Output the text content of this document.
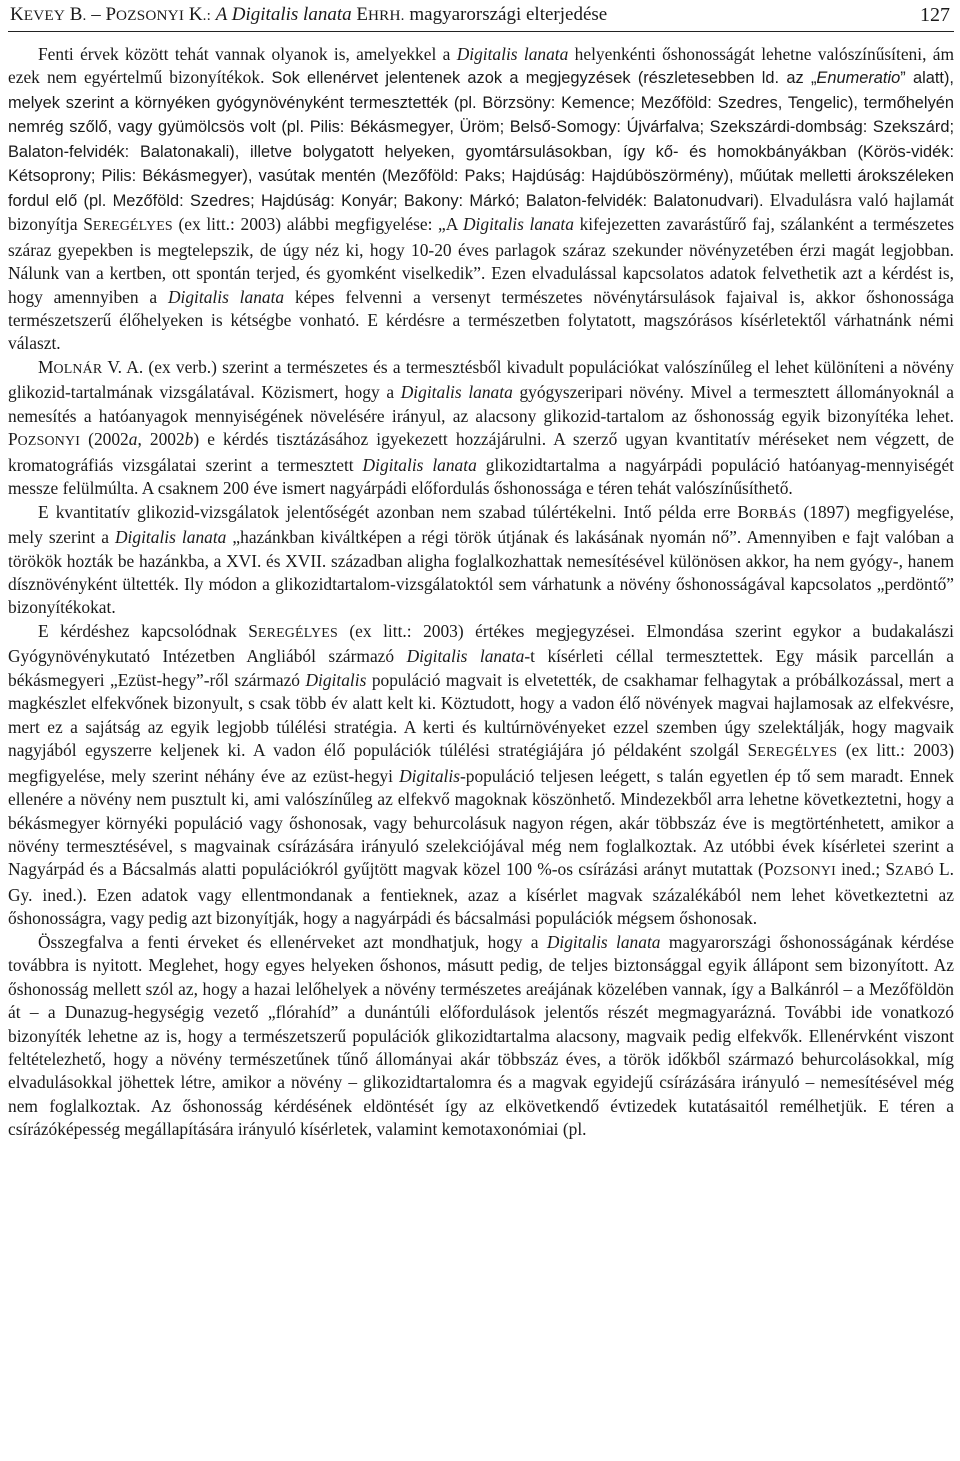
KEVEY B. – POZSONYI K.: A Digitalis lanata EHRH. magyarországi elterjedése	127

Fenti érvek között tehát vannak olyanok is, amelyekkel a Digitalis lanata helyenkénti őshonosságát lehetne valószínűsíteni, ám ezek nem egyértelmű bizonyítékok. Sok ellenérvet jelentenek azok a megjegyzések (részletesebben ld. az „Enumeratio” alatt), melyek szerint a környéken gyógynövényként termesztették (pl. Börzsöny: Kemence; Mezőföld: Szedres, Tengelic), termőhelyén nemrég szőlő, vagy gyümölcsös volt (pl. Pilis: Békásmegyer, Üröm; Belső-Somogy: Újvárfalva; Szekszárdi-dombság: Szekszárd; Balaton-felvidék: Balatonakali), illetve bolygatott helyeken, gyomtársulásokban, így kő- és homokbányákban (Körös-vidék: Kétsoprony; Pilis: Békásmegyer), vasútak mentén (Mezőföld: Paks; Hajdúság: Hajdúböszörmény), műútak melletti árokszéleken fordul elő (pl. Mezőföld: Szedres; Hajdúság: Konyár; Bakony: Márkó; Balaton-felvidék: Balatonudvari). Elvadulásra való hajlamát bizonyítja SEREGÉLYES (ex litt.: 2003) alábbi megfigyelése: „A Digitalis lanata kifejezetten zavarástűrő faj, szálanként a természetes száraz gyepekben is megtelepszik, de úgy néz ki, hogy 10-20 éves parlagok száraz szekunder növényzetében érzi magát legjobban. Nálunk van a kertben, ott spontán terjed, és gyomként viselkedik”. Ezen elvadulással kapcsolatos adatok felvethetik azt a kérdést is, hogy amennyiben a Digitalis lanata képes felvenni a versenyt természetes növénytársulások fajaival is, akkor őshonossága természetszerű élőhelyeken is kétségbe vonható. E kérdésre a természetben folytatott, magszórásos kísérletektől várhatnánk némi választ.

MOLNÁR V. A. (ex verb.) szerint a természetes és a termesztésből kivadult populációkat valószínűleg el lehet különíteni a növény glikozid-tartalmának vizsgálatával. Közismert, hogy a Digitalis lanata gyógyszeripari növény. Mivel a termesztett állományoknál a nemesítés a hatóanyagok mennyiségének növelésére irányul, az alacsony glikozid-tartalom az őshonosság egyik bizonyítéka lehet. POZSONYI (2002a, 2002b) e kérdés tisztázásához igyekezett hozzájárulni. A szerző ugyan kvantitatív méréseket nem végzett, de kromatográfiás vizsgálatai szerint a termesztett Digitalis lanata glikozidtartalma a nagyárpádi populáció hatóanyag-mennyiségét messze felülmúlta. A csaknem 200 éve ismert nagyárpádi előfordulás őshonossága e téren tehát valószínűsíthető.

E kvantitatív glikozid-vizsgálatok jelentőségét azonban nem szabad túlértékelni. Intő példa erre BORBÁS (1897) megfigyelése, mely szerint a Digitalis lanata „hazánkban kiváltképen a régi török útjának és lakásának nyomán nő”. Amennyiben e fajt valóban a törökök hozták be hazánkba, a XVI. és XVII. században aligha foglalkozhattak nemesítésével különösen akkor, ha nem gyógy-, hanem dísznövényként ültették. Ily módon a glikozidtartalom-vizsgálatoktól sem várhatunk a növény őshonosságával kapcsolatos „perdöntő” bizonyítékokat.

E kérdéshez kapcsolódnak SEREGÉLYES (ex litt.: 2003) értékes megjegyzései. Elmondása szerint egykor a budakalászi Gyógynövénykutató Intézetben Angliából származó Digitalis lanata-t kísérleti céllal termesztettek. Egy másik parcellán a békásmegyeri „Ezüst-hegy”-ről származó Digitalis populáció magvait is elvetették, de csakhamar felhagytak a próbálkozással, mert a magkészlet elfekvőnek bizonyult, s csak több év alatt kelt ki. Köztudott, hogy a vadon élő növények magvai hajlamosak az elfekvésre, mert ez a sajátság az egyik legjobb túlélési stratégia. A kerti és kultúrnövényeket ezzel szemben úgy szelektálják, hogy magvaik nagyjából egyszerre keljenek ki. A vadon élő populációk túlélési stratégiájára jó példaként szolgál SEREGÉLYES (ex litt.: 2003) megfigyelése, mely szerint néhány éve az ezüst-hegyi Digitalis-populáció teljesen leégett, s talán egyetlen ép tő sem maradt. Ennek ellenére a növény nem pusztult ki, ami valószínűleg az elfekvő magoknak köszönhető. Mindezekből arra lehetne következtetni, hogy a békásmegyer környéki populáció vagy őshonosak, vagy behurcolásuk nagyon régen, akár többszáz éve is megtörténhetett, amikor a növény termesztésével, s magvainak csírázására irányuló szelekciójával még nem foglalkoztak. Az utóbbi évek kísérletei szerint a Nagyárpád és a Bácsalmás alatti populációkról gyűjtött magvak közel 100 %-os csírázási arányt mutattak (POZSONYI ined.; SZABÓ L. Gy. ined.). Ezen adatok vagy ellentmondanak a fentieknek, azaz a kísérlet magvak százalékából nem lehet következtetni az őshonosságra, vagy pedig azt bizonyítják, hogy a nagyárpádi és bácsalmási populációk mégsem őshonosak.

Összegfalva a fenti érveket és ellenérveket azt mondhatjuk, hogy a Digitalis lanata magyarországi őshonosságának kérdése továbbra is nyitott. Meglehet, hogy egyes helyeken őshonos, másutt pedig, de teljes biztonsággal egyik állápont sem bizonyított. Az őshonosság mellett szól az, hogy a hazai lelőhelyek a növény természetes areájának közelében vannak, így a Balkánról – a Mezőföldön át – a Dunazug-hegységig vezető „flórahíd” a dunántúli előfordulások jelentős részét megmagyarázná. További ide vonatkozó bizonyíték lehetne az is, hogy a természetszerű populációk glikozidtartalma alacsony, magvaik pedig elfekvők. Ellenérvként viszont feltételezhető, hogy a növény természetűnek tűnő állományai akár többszáz éves, a török időkből származó behurcolásokkal, míg elvadulásokkal jöhettek létre, amikor a növény – glikozidtartalomra és a magvak egyidejű csírázására irányuló – nemesítésével még nem foglalkoztak. Az őshonosság kérdésének eldöntését így az elkövetkendő évtizedek kutatásaitól remélhetjük. E téren a csírázóképesség megállapítására irányuló kísérletek, valamint kemotaxonómiai (pl.
